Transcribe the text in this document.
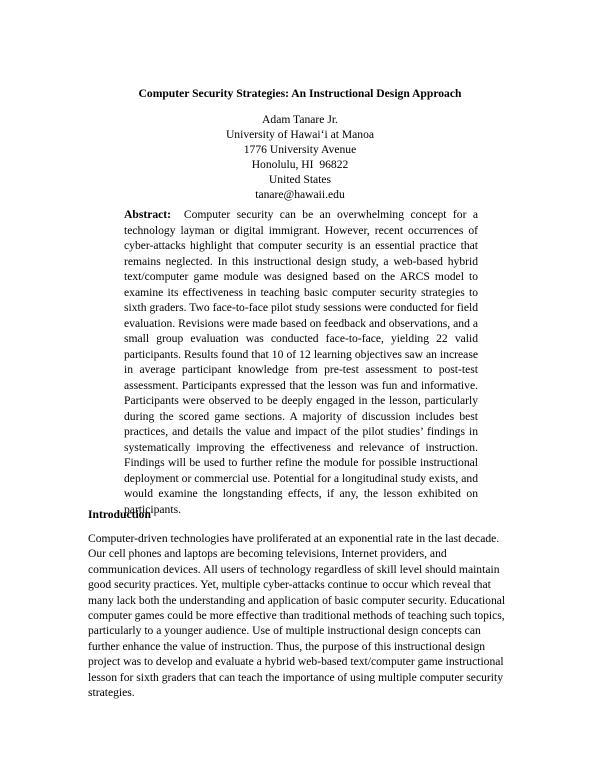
Computer Security Strategies: An Instructional Design Approach
Adam Tanare Jr.
University of Hawaiʻi at Manoa
1776 University Avenue
Honolulu, HI  96822
United States
tanare@hawaii.edu

Abstract: Computer security can be an overwhelming concept for a technology layman or digital immigrant. However, recent occurrences of cyber-attacks highlight that computer security is an essential practice that remains neglected. In this instructional design study, a web-based hybrid text/computer game module was designed based on the ARCS model to examine its effectiveness in teaching basic computer security strategies to sixth graders. Two face-to-face pilot study sessions were conducted for field evaluation. Revisions were made based on feedback and observations, and a small group evaluation was conducted face-to-face, yielding 22 valid participants. Results found that 10 of 12 learning objectives saw an increase in average participant knowledge from pre-test assessment to post-test assessment. Participants expressed that the lesson was fun and informative. Participants were observed to be deeply engaged in the lesson, particularly during the scored game sections. A majority of discussion includes best practices, and details the value and impact of the pilot studies’ findings in systematically improving the effectiveness and relevance of instruction. Findings will be used to further refine the module for possible instructional deployment or commercial use. Potential for a longitudinal study exists, and would examine the longstanding effects, if any, the lesson exhibited on participants.

Introduction

Computer-driven technologies have proliferated at an exponential rate in the last decade. Our cell phones and laptops are becoming televisions, Internet providers, and communication devices. All users of technology regardless of skill level should maintain good security practices. Yet, multiple cyber-attacks continue to occur which reveal that many lack both the understanding and application of basic computer security. Educational computer games could be more effective than traditional methods of teaching such topics, particularly to a younger audience. Use of multiple instructional design concepts can further enhance the value of instruction. Thus, the purpose of this instructional design project was to develop and evaluate a hybrid web-based text/computer game instructional lesson for sixth graders that can teach the importance of using multiple computer security strategies.
